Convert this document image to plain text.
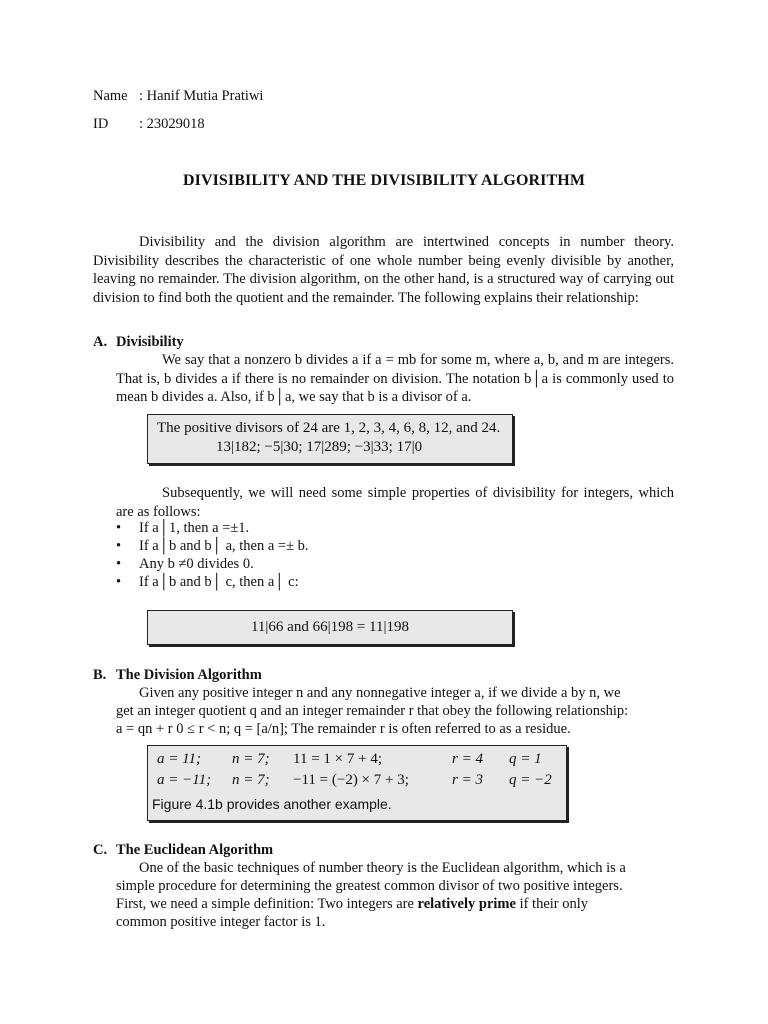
Name : Hanif Mutia Pratiwi
ID : 23029018
DIVISIBILITY AND THE DIVISIBILITY ALGORITHM

Divisibility and the division algorithm are intertwined concepts in number theory. Divisibility describes the characteristic of one whole number being evenly divisible by another, leaving no remainder. The division algorithm, on the other hand, is a structured way of carrying out division to find both the quotient and the remainder. The following explains their relationship:

A. Divisibility

We say that a nonzero b divides a if a = mb for some m, where a, b, and m are integers. That is, b divides a if there is no remainder on division. The notation b│a is commonly used to mean b divides a. Also, if b│a, we say that b is a divisor of a.

The positive divisors of 24 are 1, 2, 3, 4, 6, 8, 12, and 24.
13|182; −5|30; 17|289; −3|33; 17|0

Subsequently, we will need some simple properties of divisibility for integers, which are as follows:

• If a│1, then a =±1.
• If a│b and b│ a, then a =± b.
• Any b ≠0 divides 0.
• If a│b and b│ c, then a│ c:
11|66 and 66|198 = 11|198
B. The Division Algorithm
Given any positive integer n and any nonnegative integer a, if we divide a by n, we
get an integer quotient q and an integer remainder r that obey the following relationship:
a = qn + r 0 ≤ r < n; q = [a/n]; The remainder r is often referred to as a residue.
a = 11; n = 7; 11 = 1 × 7 + 4;	r = 4 q = 1
a = −11; n = 7; −11 = (−2) × 7 + 3;	r = 3 q = −2
Figure 4.1b provides another example.
C. The Euclidean Algorithm
One of the basic techniques of number theory is the Euclidean algorithm, which is a
simple procedure for determining the greatest common divisor of two positive integers.
First, we need a simple definition: Two integers are relatively prime if their only
common positive integer factor is 1.
